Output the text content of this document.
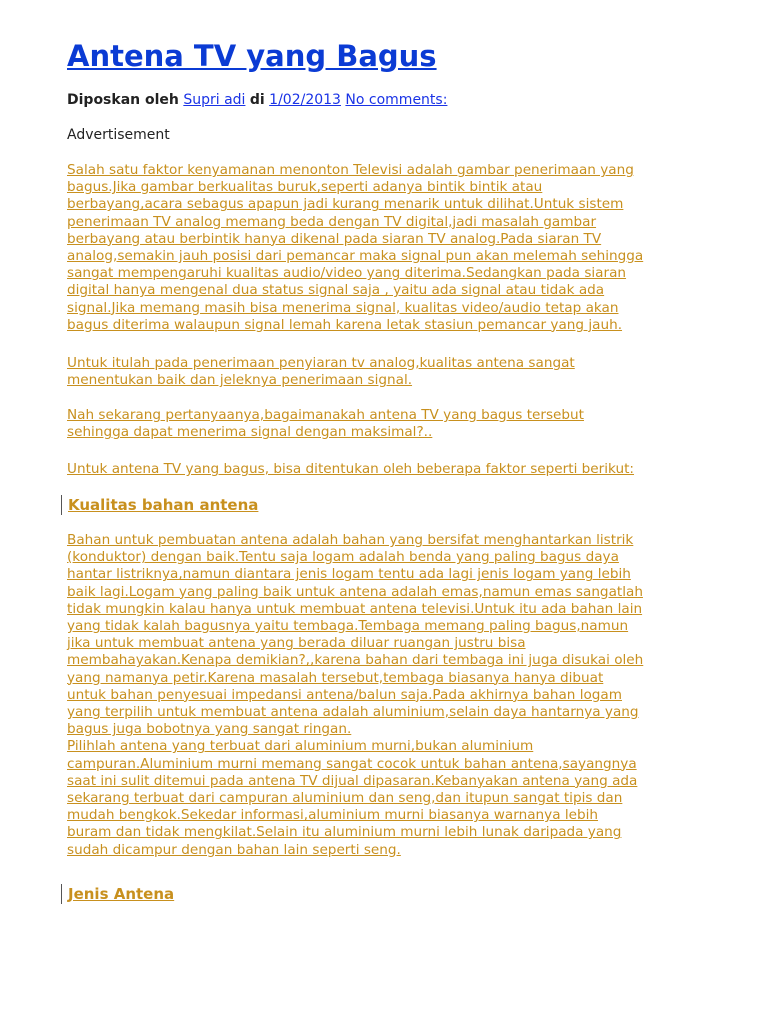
Antena TV yang Bagus
Diposkan oleh Supri adi di 1/02/2013 No comments:
Advertisement
Salah satu faktor kenyamanan menonton Televisi adalah gambar penerimaan yang
bagus.Jika gambar berkualitas buruk,seperti adanya bintik bintik atau
berbayang,acara sebagus apapun jadi kurang menarik untuk dilihat.Untuk sistem
penerimaan TV analog memang beda dengan TV digital,jadi masalah gambar
berbayang atau berbintik hanya dikenal pada siaran TV analog.Pada siaran TV
analog,semakin jauh posisi dari pemancar maka signal pun akan melemah sehingga
sangat mempengaruhi kualitas audio/video yang diterima.Sedangkan pada siaran
digital hanya mengenal dua status signal saja , yaitu ada signal atau tidak ada
signal.Jika memang masih bisa menerima signal, kualitas video/audio tetap akan
bagus diterima walaupun signal lemah karena letak stasiun pemancar yang jauh.
Untuk itulah pada penerimaan penyiaran tv analog,kualitas antena sangat
menentukan baik dan jeleknya penerimaan signal.
Nah sekarang pertanyaanya,bagaimanakah antena TV yang bagus tersebut
sehingga dapat menerima signal dengan maksimal?..
Untuk antena TV yang bagus, bisa ditentukan oleh beberapa faktor seperti berikut:
Kualitas bahan antena
Bahan untuk pembuatan antena adalah bahan yang bersifat menghantarkan listrik
(konduktor) dengan baik.Tentu saja logam adalah benda yang paling bagus daya
hantar listriknya,namun diantara jenis logam tentu ada lagi jenis logam yang lebih
baik lagi.Logam yang paling baik untuk antena adalah emas,namun emas sangatlah
tidak mungkin kalau hanya untuk membuat antena televisi.Untuk itu ada bahan lain
yang tidak kalah bagusnya yaitu tembaga.Tembaga memang paling bagus,namun
jika untuk membuat antena yang berada diluar ruangan justru bisa
membahayakan.Kenapa demikian?,,karena bahan dari tembaga ini juga disukai oleh
yang namanya petir.Karena masalah tersebut,tembaga biasanya hanya dibuat
untuk bahan penyesuai impedansi antena/balun saja.Pada akhirnya bahan logam
yang terpilih untuk membuat antena adalah aluminium,selain daya hantarnya yang
bagus juga bobotnya yang sangat ringan.
Pilihlah antena yang terbuat dari aluminium murni,bukan aluminium
campuran.Aluminium murni memang sangat cocok untuk bahan antena,sayangnya
saat ini sulit ditemui pada antena TV dijual dipasaran.Kebanyakan antena yang ada
sekarang terbuat dari campuran aluminium dan seng,dan itupun sangat tipis dan
mudah bengkok.Sekedar informasi,aluminium murni biasanya warnanya lebih
buram dan tidak mengkilat.Selain itu aluminium murni lebih lunak daripada yang
sudah dicampur dengan bahan lain seperti seng.
Jenis Antena
